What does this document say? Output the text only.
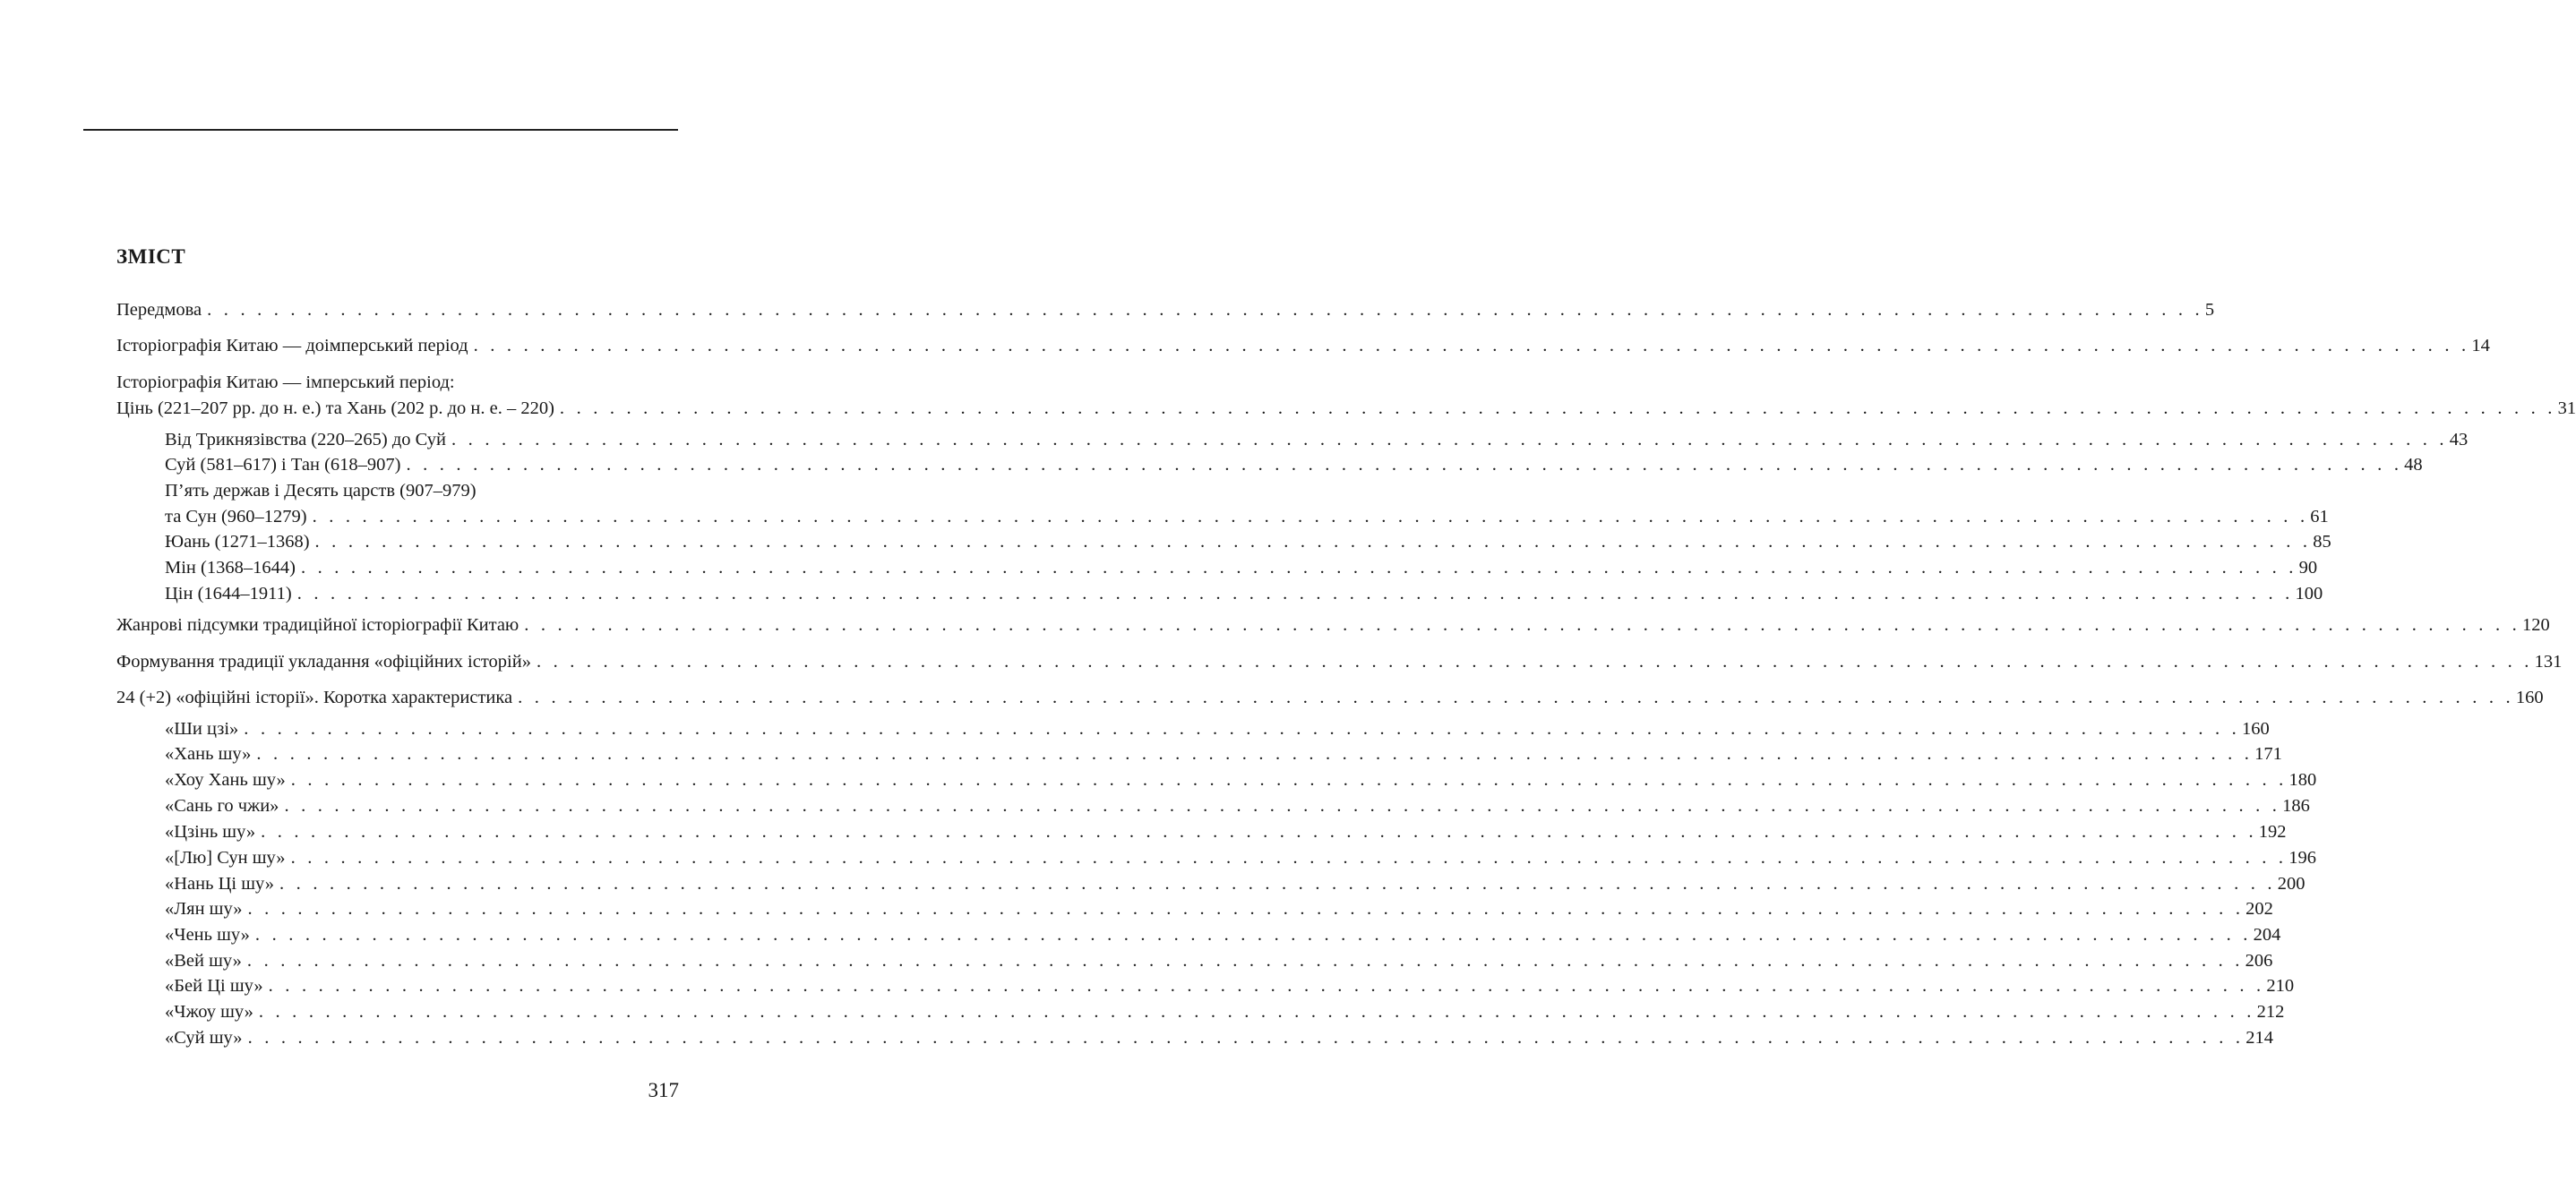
ЗМІСТ
Передмова . . . . . . . . . . . . . . . . . . . . . . . . . . . . . . . . . . . . . . . . . . . . . . . . . . . . . . . . . . . . . . . . . . . . . . . . . . . . . . . . . . . . . . . . . . . . . . . . . . . . . . . . . . . . . . . . . . . . . . . . 5
Історіографія Китаю — доімперський період . . . . . . . . . . . . . . . . . . . . . . . . . . . . . . . . . . . . . . . . . . . . . . . . . . . . . . . . . . . . . . . . . . . . . . . . . . . . . . . . . . . . . . . . . . . . . . . . . . . . . . . . . . . . . . . . . . . . . . . . 14
Історіографія Китаю — імперський період:
Цінь (221–207 рр. до н. е.) та Хань (202 р. до н. е. – 220) . . . . . . . . . . . . . . . . . . . . . . . . . . . . . . . . . . . . . . . . . . . . . . . . . . . . . . . . . . . . . . . . . . . . . . . . . . . . . . . . . . . . . . . . . . . . . . . . . . . . . . . . . . . . . . . . . . . . . . . . 31
Від Трикнязівства (220–265) до Суй . . . . . . . . . . . . . . . . . . . . . . . . . . . . . . . . . . . . . . . . . . . . . . . . . . . . . . . . . . . . . . . . . . . . . . . . . . . . . . . . . . . . . . . . . . . . . . . . . . . . . . . . . . . . . . . . . . . . . . . . 43
Суй (581–617) і Тан (618–907) . . . . . . . . . . . . . . . . . . . . . . . . . . . . . . . . . . . . . . . . . . . . . . . . . . . . . . . . . . . . . . . . . . . . . . . . . . . . . . . . . . . . . . . . . . . . . . . . . . . . . . . . . . . . . . . . . . . . . . . . 48
П’ять держав і Десять царств (907–979)
та Сун (960–1279) . . . . . . . . . . . . . . . . . . . . . . . . . . . . . . . . . . . . . . . . . . . . . . . . . . . . . . . . . . . . . . . . . . . . . . . . . . . . . . . . . . . . . . . . . . . . . . . . . . . . . . . . . . . . . . . . . . . . . . . . 61
Юань (1271–1368) . . . . . . . . . . . . . . . . . . . . . . . . . . . . . . . . . . . . . . . . . . . . . . . . . . . . . . . . . . . . . . . . . . . . . . . . . . . . . . . . . . . . . . . . . . . . . . . . . . . . . . . . . . . . . . . . . . . . . . . . 85
Мін (1368–1644) . . . . . . . . . . . . . . . . . . . . . . . . . . . . . . . . . . . . . . . . . . . . . . . . . . . . . . . . . . . . . . . . . . . . . . . . . . . . . . . . . . . . . . . . . . . . . . . . . . . . . . . . . . . . . . . . . . . . . . . . 90
Цін (1644–1911) . . . . . . . . . . . . . . . . . . . . . . . . . . . . . . . . . . . . . . . . . . . . . . . . . . . . . . . . . . . . . . . . . . . . . . . . . . . . . . . . . . . . . . . . . . . . . . . . . . . . . . . . . . . . . . . . . . . . . . . . 100
Жанрові підсумки традиційної історіографії Китаю . . . . . . . . . . . . . . . . . . . . . . . . . . . . . . . . . . . . . . . . . . . . . . . . . . . . . . . . . . . . . . . . . . . . . . . . . . . . . . . . . . . . . . . . . . . . . . . . . . . . . . . . . . . . . . . . . . . . . . . . 120
Формування традиції укладання «офіційних історій» . . . . . . . . . . . . . . . . . . . . . . . . . . . . . . . . . . . . . . . . . . . . . . . . . . . . . . . . . . . . . . . . . . . . . . . . . . . . . . . . . . . . . . . . . . . . . . . . . . . . . . . . . . . . . . . . . . . . . . . . 131
24 (+2) «офіційні історії». Коротка характеристика . . . . . . . . . . . . . . . . . . . . . . . . . . . . . . . . . . . . . . . . . . . . . . . . . . . . . . . . . . . . . . . . . . . . . . . . . . . . . . . . . . . . . . . . . . . . . . . . . . . . . . . . . . . . . . . . . . . . . . . . 160
«Ши цзі» . . . . . . . . . . . . . . . . . . . . . . . . . . . . . . . . . . . . . . . . . . . . . . . . . . . . . . . . . . . . . . . . . . . . . . . . . . . . . . . . . . . . . . . . . . . . . . . . . . . . . . . . . . . . . . . . . . . . . . . . 160
«Хань шу» . . . . . . . . . . . . . . . . . . . . . . . . . . . . . . . . . . . . . . . . . . . . . . . . . . . . . . . . . . . . . . . . . . . . . . . . . . . . . . . . . . . . . . . . . . . . . . . . . . . . . . . . . . . . . . . . . . . . . . . . 171
«Хоу Хань шу» . . . . . . . . . . . . . . . . . . . . . . . . . . . . . . . . . . . . . . . . . . . . . . . . . . . . . . . . . . . . . . . . . . . . . . . . . . . . . . . . . . . . . . . . . . . . . . . . . . . . . . . . . . . . . . . . . . . . . . . . 180
«Сань го чжи» . . . . . . . . . . . . . . . . . . . . . . . . . . . . . . . . . . . . . . . . . . . . . . . . . . . . . . . . . . . . . . . . . . . . . . . . . . . . . . . . . . . . . . . . . . . . . . . . . . . . . . . . . . . . . . . . . . . . . . . . 186
«Цзінь шу» . . . . . . . . . . . . . . . . . . . . . . . . . . . . . . . . . . . . . . . . . . . . . . . . . . . . . . . . . . . . . . . . . . . . . . . . . . . . . . . . . . . . . . . . . . . . . . . . . . . . . . . . . . . . . . . . . . . . . . . . 192
«[Лю] Сун шу» . . . . . . . . . . . . . . . . . . . . . . . . . . . . . . . . . . . . . . . . . . . . . . . . . . . . . . . . . . . . . . . . . . . . . . . . . . . . . . . . . . . . . . . . . . . . . . . . . . . . . . . . . . . . . . . . . . . . . . . . 196
«Нань Ці шу» . . . . . . . . . . . . . . . . . . . . . . . . . . . . . . . . . . . . . . . . . . . . . . . . . . . . . . . . . . . . . . . . . . . . . . . . . . . . . . . . . . . . . . . . . . . . . . . . . . . . . . . . . . . . . . . . . . . . . . . . 200
«Лян шу» . . . . . . . . . . . . . . . . . . . . . . . . . . . . . . . . . . . . . . . . . . . . . . . . . . . . . . . . . . . . . . . . . . . . . . . . . . . . . . . . . . . . . . . . . . . . . . . . . . . . . . . . . . . . . . . . . . . . . . . . 202
«Чень шу» . . . . . . . . . . . . . . . . . . . . . . . . . . . . . . . . . . . . . . . . . . . . . . . . . . . . . . . . . . . . . . . . . . . . . . . . . . . . . . . . . . . . . . . . . . . . . . . . . . . . . . . . . . . . . . . . . . . . . . . . 204
«Вей шу» . . . . . . . . . . . . . . . . . . . . . . . . . . . . . . . . . . . . . . . . . . . . . . . . . . . . . . . . . . . . . . . . . . . . . . . . . . . . . . . . . . . . . . . . . . . . . . . . . . . . . . . . . . . . . . . . . . . . . . . . 206
«Бей Ці шу» . . . . . . . . . . . . . . . . . . . . . . . . . . . . . . . . . . . . . . . . . . . . . . . . . . . . . . . . . . . . . . . . . . . . . . . . . . . . . . . . . . . . . . . . . . . . . . . . . . . . . . . . . . . . . . . . . . . . . . . . 210
«Чжоу шу» . . . . . . . . . . . . . . . . . . . . . . . . . . . . . . . . . . . . . . . . . . . . . . . . . . . . . . . . . . . . . . . . . . . . . . . . . . . . . . . . . . . . . . . . . . . . . . . . . . . . . . . . . . . . . . . . . . . . . . . . 212
«Суй шу» . . . . . . . . . . . . . . . . . . . . . . . . . . . . . . . . . . . . . . . . . . . . . . . . . . . . . . . . . . . . . . . . . . . . . . . . . . . . . . . . . . . . . . . . . . . . . . . . . . . . . . . . . . . . . . . . . . . . . . . . 214
317
